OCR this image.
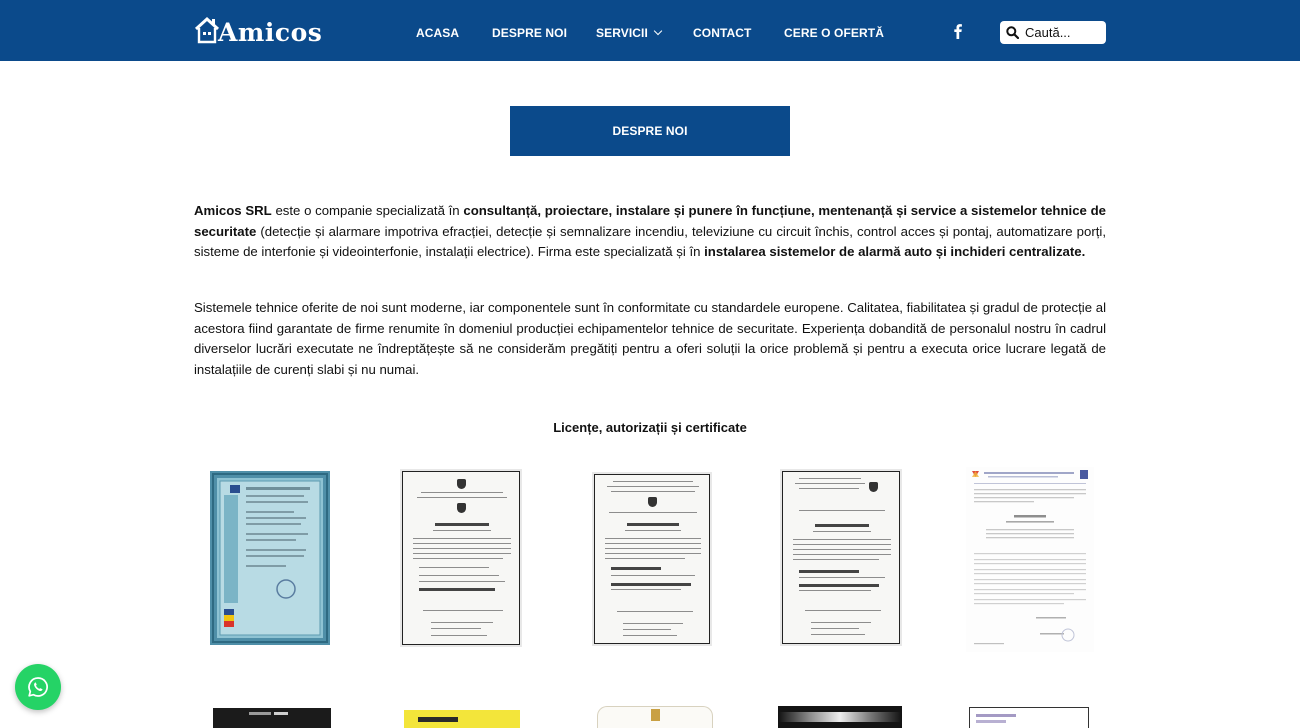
Amicos	ACASA	DESPRE NOI SERVICII	CONTACT	CERE O OFERTĂ
Caută...
DESPRE NOI

Amicos SRL este o companie specializată în consultanță, proiectare, instalare și punere în funcțiune, mentenanță și service a sistemelor tehnice de securitate (detecție și alarmare impotriva efracției, detecție și semnalizare incendiu, televiziune cu circuit închis, control acces și pontaj, automatizare porți, sisteme de interfonie și videointerfonie, instalații electrice). Firma este specializată și în instalarea sistemelor de alarmă auto și inchideri centralizate.

Sistemele tehnice oferite de noi sunt moderne, iar componentele sunt în conformitate cu standardele europene. Calitatea, fiabilitatea și gradul de protecție al acestora fiind garantate de firme renumite în domeniul producției echipamentelor tehnice de securitate. Experiența dobandită de personalul nostru în cadrul diverselor lucrări executate ne îndreptățește să ne considerăm pregătiți pentru a oferi soluții la orice problemă și pentru a executa orice lucrare legată de instalațiile de curenți slabi și nu numai.

Licențe, autorizații și certificate
